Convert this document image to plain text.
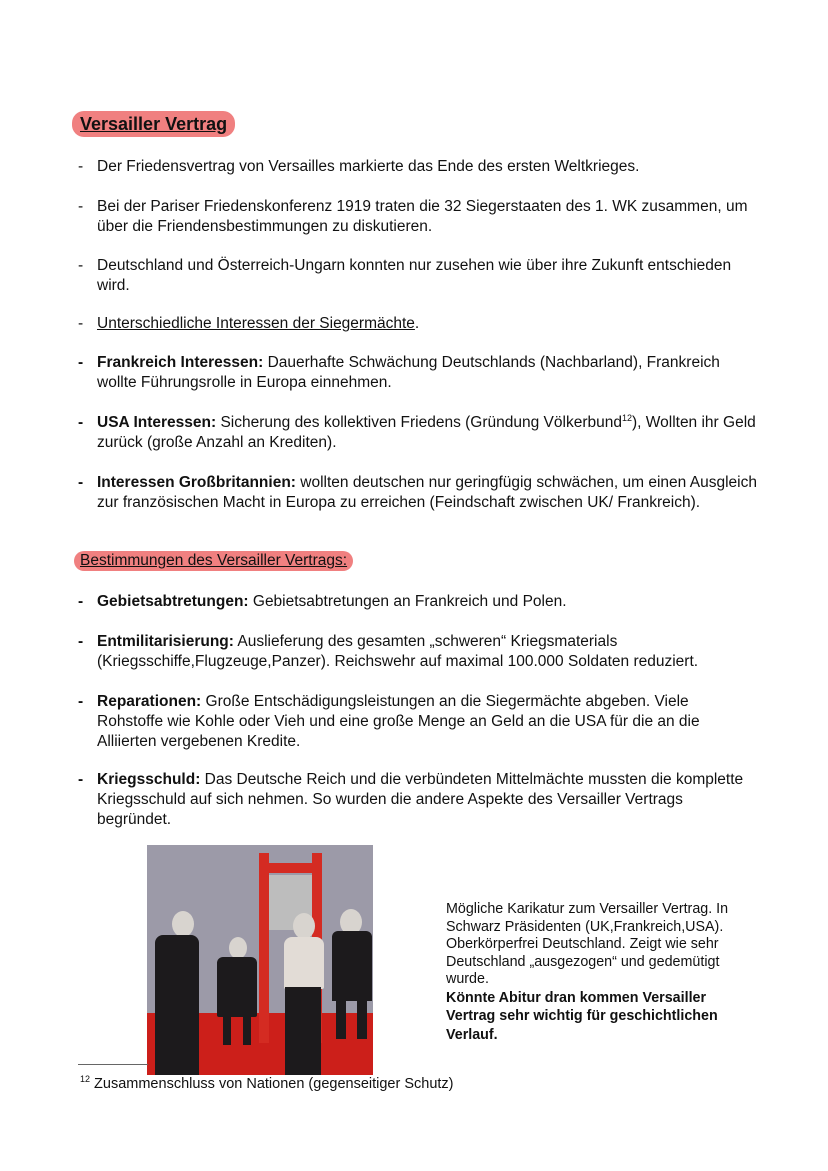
Versailler Vertrag
- Der Friedensvertrag von Versailles markierte das Ende des ersten Weltkrieges.
- Bei der Pariser Friedenskonferenz 1919 traten die 32 Siegerstaaten des 1. WK zusammen, um über die Friendensbestimmungen zu diskutieren.
- Deutschland und Österreich-Ungarn konnten nur zusehen wie über ihre Zukunft entschieden wird.
- Unterschiedliche Interessen der Siegermächte.
- Frankreich Interessen: Dauerhafte Schwächung Deutschlands (Nachbarland), Frankreich wollte Führungsrolle in Europa einnehmen.
- USA Interessen: Sicherung des kollektiven Friedens (Gründung Völkerbund$^{12}$), Wollten ihr Geld zurück (große Anzahl an Krediten).
- Interessen Großbritannien: wollten deutschen nur geringfügig schwächen, um einen Ausgleich zur französischen Macht in Europa zu erreichen (Feindschaft zwischen UK/ Frankreich).
Bestimmungen des Versailler Vertrags:
- Gebietsabtretungen: Gebietsabtretungen an Frankreich und Polen.
- Entmilitarisierung: Auslieferung des gesamten „schweren“ Kriegsmaterials (Kriegsschiffe,Flugzeuge,Panzer). Reichswehr auf maximal 100.000 Soldaten reduziert.
- Reparationen: Große Entschädigungsleistungen an die Siegermächte abgeben. Viele Rohstoffe wie Kohle oder Vieh und eine große Menge an Geld an die USA für die an die Alliierten vergebenen Kredite.
- Kriegsschuld: Das Deutsche Reich und die verbündeten Mittelmächte mussten die komplette Kriegsschuld auf sich nehmen. So wurden die andere Aspekte des Versailler Vertrags begründet.
Mögliche Karikatur zum Versailler Vertrag. In Schwarz Präsidenten (UK,Frankreich,USA). Oberkörperfrei Deutschland. Zeigt wie sehr Deutschland „ausgezogen“ und gedemütigt wurde.
Könnte Abitur dran kommen Versailler Vertrag sehr wichtig für geschichtlichen Verlauf.
$^{12}$ Zusammenschluss von Nationen (gegenseitiger Schutz)
